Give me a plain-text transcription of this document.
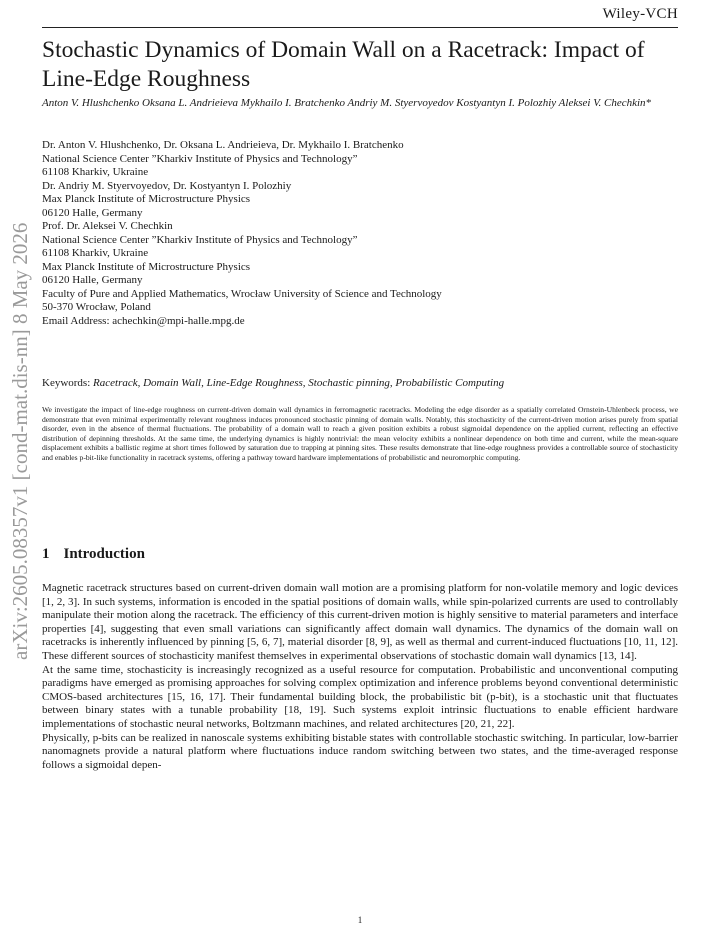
Wiley-VCH
arXiv:2605.08357v1 [cond-mat.dis-nn] 8 May 2026
Stochastic Dynamics of Domain Wall on a Racetrack: Impact of Line-Edge Roughness
Anton V. Hlushchenko Oksana L. Andrieieva Mykhailo I. Bratchenko Andriy M. Styervoyedov Kostyantyn I. Polozhiy Aleksei V. Chechkin*
Dr. Anton V. Hlushchenko, Dr. Oksana L. Andrieieva, Dr. Mykhailo I. Bratchenko
National Science Center ”Kharkiv Institute of Physics and Technology”
61108 Kharkiv, Ukraine
Dr. Andriy M. Styervoyedov, Dr. Kostyantyn I. Polozhiy
Max Planck Institute of Microstructure Physics
06120 Halle, Germany
Prof. Dr. Aleksei V. Chechkin
National Science Center ”Kharkiv Institute of Physics and Technology”
61108 Kharkiv, Ukraine
Max Planck Institute of Microstructure Physics
06120 Halle, Germany
Faculty of Pure and Applied Mathematics, Wrocław University of Science and Technology
50-370 Wrocław, Poland
Email Address: achechkin@mpi-halle.mpg.de
Keywords: Racetrack, Domain Wall, Line-Edge Roughness, Stochastic pinning, Probabilistic Computing

We investigate the impact of line-edge roughness on current-driven domain wall dynamics in ferromagnetic racetracks. Modeling the edge disorder as a spatially correlated Ornstein-Uhlenbeck process, we demonstrate that even minimal experimentally relevant roughness induces pronounced stochastic pinning of domain walls. Notably, this stochasticity of the current-driven motion arises purely from spatial disorder, even in the absence of thermal fluctuations. The probability of a domain wall to reach a given position exhibits a robust sigmoidal dependence on the applied current, reflecting an effective distribution of depinning thresholds. At the same time, the underlying dynamics is highly nontrivial: the mean velocity exhibits a nonlinear dependence on both time and current, while the mean-square displacement exhibits a ballistic regime at short times followed by saturation due to trapping at pinning sites. These results demonstrate that line-edge roughness provides a controllable source of stochasticity and enables p-bit-like functionality in racetrack systems, offering a pathway toward hardware implementations of probabilistic and neuromorphic computing.

1 Introduction

Magnetic racetrack structures based on current-driven domain wall motion are a promising platform for non-volatile memory and logic devices [1, 2, 3]. In such systems, information is encoded in the spatial positions of domain walls, while spin-polarized currents are used to controllably manipulate their motion along the racetrack. The efficiency of this current-driven motion is highly sensitive to material parameters and interface properties [4], suggesting that even small variations can significantly affect domain wall dynamics. The dynamics of the domain wall on racetracks is inherently influenced by pinning [5, 6, 7], material disorder [8, 9], as well as thermal and current-induced fluctuations [10, 11, 12]. These different sources of stochasticity manifest themselves in experimental observations of stochastic domain wall dynamics [13, 14].

At the same time, stochasticity is increasingly recognized as a useful resource for computation. Probabilistic and unconventional computing paradigms have emerged as promising approaches for solving complex optimization and inference problems beyond conventional deterministic CMOS-based architectures [15, 16, 17]. Their fundamental building block, the probabilistic bit (p-bit), is a stochastic unit that fluctuates between binary states with a tunable probability [18, 19]. Such systems exploit intrinsic fluctuations to enable efficient hardware implementations of stochastic neural networks, Boltzmann machines, and related architectures [20, 21, 22].

Physically, p-bits can be realized in nanoscale systems exhibiting bistable states with controllable stochastic switching. In particular, low-barrier nanomagnets provide a natural platform where fluctuations induce random switching between two states, and the time-averaged response follows a sigmoidal depen-

1
